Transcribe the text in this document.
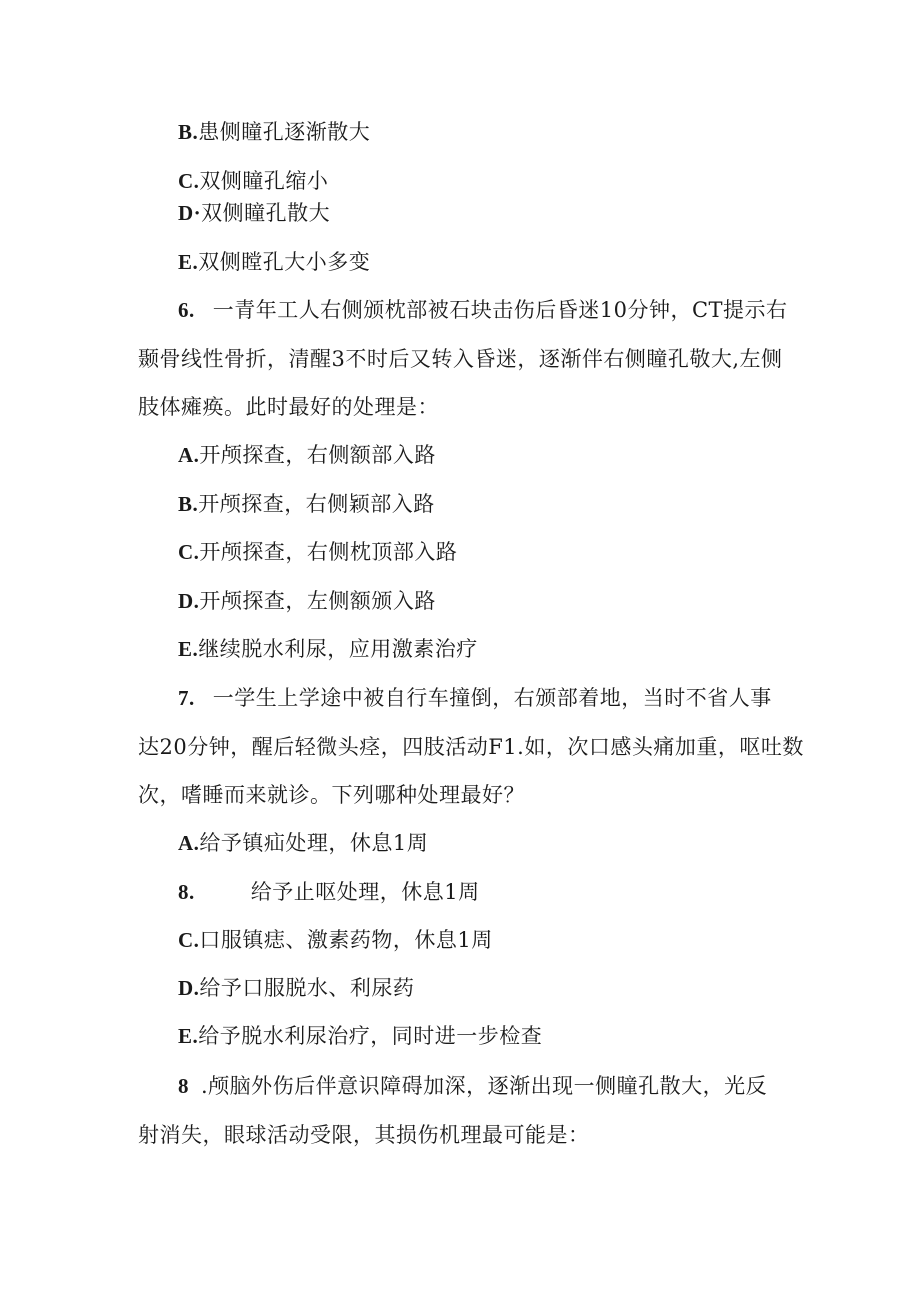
B.患侧瞳孔逐渐散大
C.双侧瞳孔缩小
D·双侧瞳孔散大
E.双侧瞠孔大小多变
6. 一青年工人右侧颁枕部被石块击伤后昏迷10分钟，CT提示右
颞骨线性骨折，清醒3不时后又转入昏迷，逐渐伴右侧瞳孔敬大,左侧
肢体瘫痪。此时最好的处理是：
A.开颅探查，右侧额部入路
B.开颅探查，右侧颖部入路
C.开颅探查，右侧枕顶部入路
D.开颅探查，左侧额颁入路
E.继续脱水利尿，应用激素治疗
7. 一学生上学途中被自行车撞倒，右颁部着地，当时不省人事
达20分钟，醒后轻微头痉，四肢活动F1.如，次口感头痛加重，呕吐数
次，嗜睡而来就诊。下列哪种处理最好？
A.给予镇疝处理，休息1周
8.	给予止呕处理，休息1周
C.口服镇痣、激素药物，休息1周
D.给予口服脱水、利尿药
E.给予脱水利尿治疗，同时进一步检查
8 .颅脑外伤后伴意识障碍加深，逐渐出现一侧瞳孔散大，光反
射消失，眼球活动受限，其损伤机理最可能是：
